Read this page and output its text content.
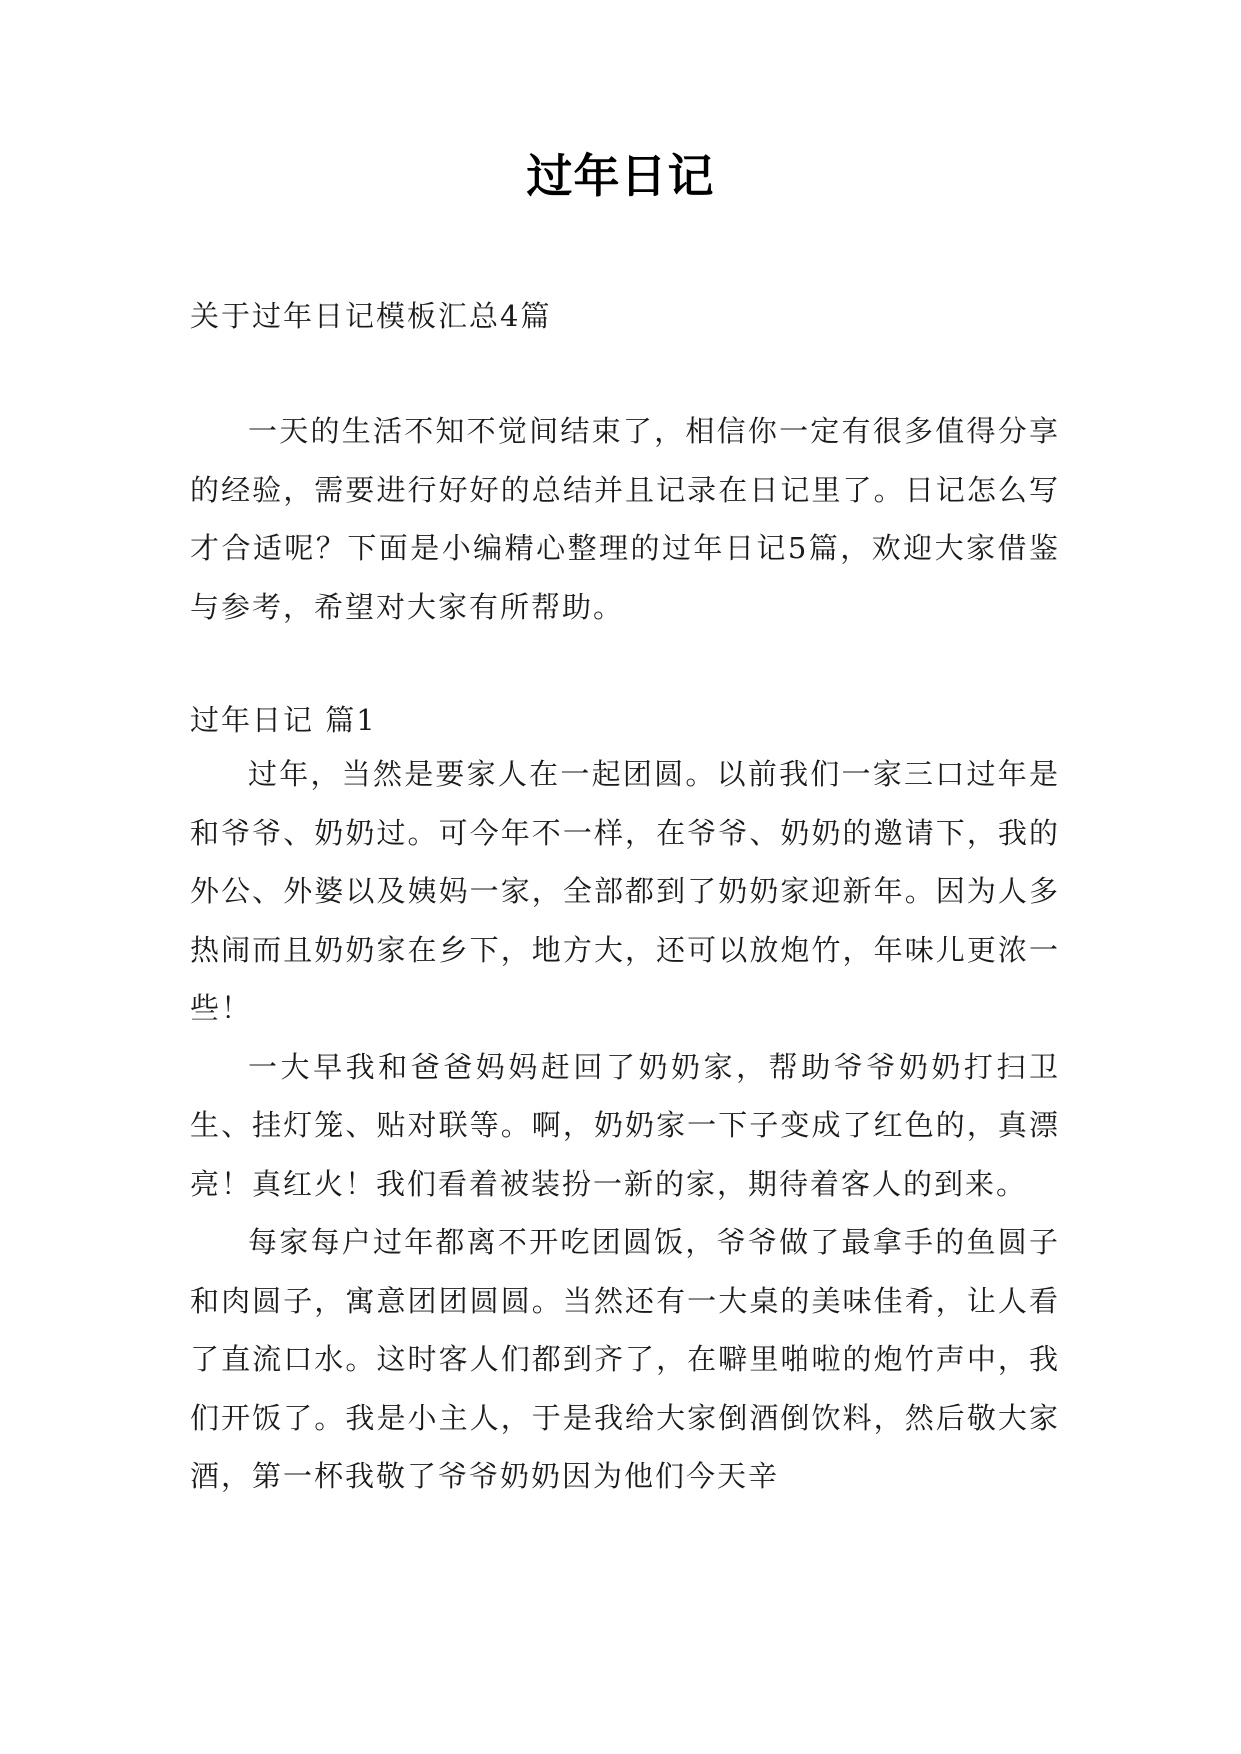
过年日记
关于过年日记模板汇总4篇

一天的生活不知不觉间结束了，相信你一定有很多值得分享的经验，需要进行好好的总结并且记录在日记里了。日记怎么写才合适呢？下面是小编精心整理的过年日记5篇，欢迎大家借鉴与参考，希望对大家有所帮助。

过年日记 篇1

过年，当然是要家人在一起团圆。以前我们一家三口过年是和爷爷、奶奶过。可今年不一样，在爷爷、奶奶的邀请下，我的外公、外婆以及姨妈一家，全部都到了奶奶家迎新年。因为人多热闹而且奶奶家在乡下，地方大，还可以放炮竹，年味儿更浓一些！

一大早我和爸爸妈妈赶回了奶奶家，帮助爷爷奶奶打扫卫生、挂灯笼、贴对联等。啊，奶奶家一下子变成了红色的，真漂亮！真红火！我们看着被装扮一新的家，期待着客人的到来。

每家每户过年都离不开吃团圆饭，爷爷做了最拿手的鱼圆子和肉圆子，寓意团团圆圆。当然还有一大桌的美味佳肴，让人看了直流口水。这时客人们都到齐了，在噼里啪啦的炮竹声中，我们开饭了。我是小主人，于是我给大家倒酒倒饮料，然后敬大家酒，第一杯我敬了爷爷奶奶因为他们今天辛
